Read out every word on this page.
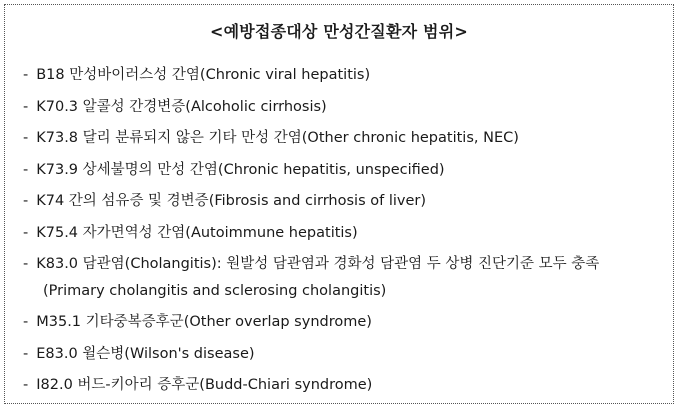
<예방접종대상 만성간질환자 범위>
- B18 만성바이러스성 간염(Chronic viral hepatitis)
- K70.3 알콜성 간경변증(Alcoholic cirrhosis)
- K73.8 달리 분류되지 않은 기타 만성 간염(Other chronic hepatitis, NEC)
- K73.9 상세불명의 만성 간염(Chronic hepatitis, unspecified)
- K74 간의 섬유증 및 경변증(Fibrosis and cirrhosis of liver)
- K75.4 자가면역성 간염(Autoimmune hepatitis)
- K83.0 담관염(Cholangitis): 원발성 담관염과 경화성 담관염 두 상병 진단기준 모두 충족
(Primary cholangitis and sclerosing cholangitis)
- M35.1 기타중복증후군(Other overlap syndrome)
- E83.0 윌슨병(Wilson's disease)
- I82.0 버드-키아리 증후군(Budd-Chiari syndrome)
